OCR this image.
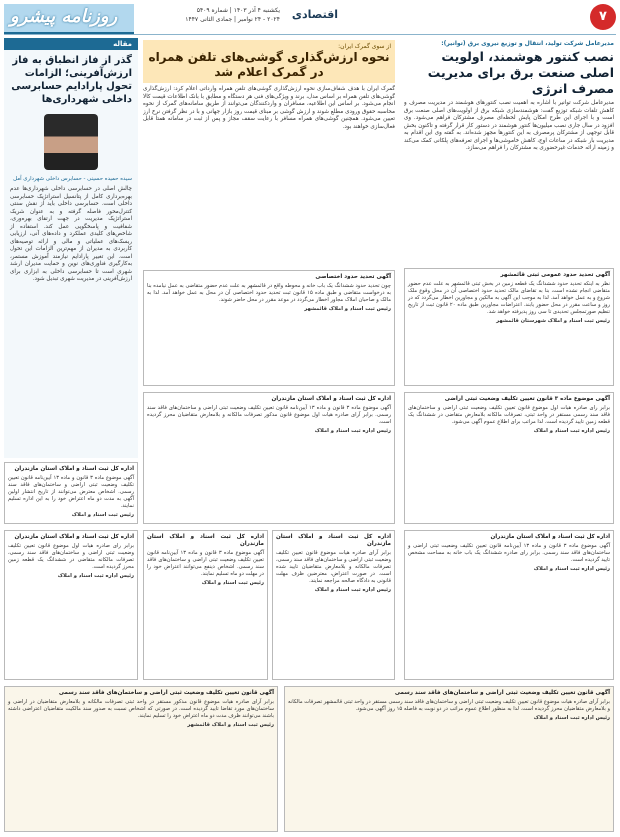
روزنامه پیشرو	یکشنبه ۴ آذر ۱۴۰۳ | شماره ۵۴۰۹
۲۰۲۴ - ۲۴ نوامبر | جمادی الثانی ۱۴۴۷	اقتصادی	۷
مدیرعامل شرکت تولید، انتقال و توزیع نیروی برق (توانیر):
نصب کنتور هوشمند، اولویت اصلی صنعت برق برای مدیریت مصرف انرژی
مدیرعامل شرکت توانیر با اشاره به اهمیت نصب کنتورهای هوشمند در مدیریت مصرف و کاهش تلفات شبکه توزیع گفت: هوشمندسازی شبکه برق از اولویت‌های اصلی صنعت برق است و با اجرای این طرح امکان پایش لحظه‌ای مصرف مشترکان فراهم می‌شود. وی افزود در سال جاری نصب میلیون‌ها کنتور هوشمند در دستور کار قرار گرفته و تاکنون بخش قابل توجهی از مشترکان پرمصرف به این کنتورها مجهز شده‌اند. به گفته وی این اقدام به مدیریت بار شبکه در ساعات اوج، کاهش خاموشی‌ها و اجرای تعرفه‌های پلکانی کمک می‌کند و زمینه ارائه خدمات غیرحضوری به مشترکان را فراهم می‌سازد.
از سوی گمرک ایران:
نحوه ارزش‌گذاری گوشی‌های تلفن همراه در گمرک اعلام شد
گمرک ایران با هدف شفاف‌سازی نحوه ارزش‌گذاری گوشی‌های تلفن همراه وارداتی اعلام کرد: ارزش‌گذاری گوشی‌های تلفن همراه بر اساس مدل، برند و ویژگی‌های فنی هر دستگاه و مطابق با بانک اطلاعات قیمت کالا انجام می‌شود. بر اساس این اطلاعیه، مسافران و واردکنندگان می‌توانند از طریق سامانه‌های گمرک از نحوه محاسبه حقوق ورودی مطلع شوند و ارزش گوشی بر مبنای قیمت روز بازار جهانی و با در نظر گرفتن نرخ ارز تعیین می‌شود. همچنین گوشی‌های همراه مسافر با رعایت سقف مجاز و پس از ثبت در سامانه همتا قابل فعال‌سازی خواهند بود.
مقاله
گذر از فاز انطباق به فاز ارزش‌آفرینی؛ الزامات تحول پارادایم حسابرسی داخلی شهرداری‌ها
سیده حمیده حسینی - حسابرس داخلی شهرداری آمل
چالش اصلی در حسابرسی داخلی شهرداری‌ها عدم بهره‌برداری کامل از پتانسیل استراتژیک حسابرسی داخلی است. حسابرسی داخلی باید از نقش سنتی کنترل‌محور فاصله گرفته و به عنوان شریک استراتژیک مدیریت در جهت ارتقای بهره‌وری، شفافیت و پاسخگویی عمل کند. استفاده از شاخص‌های کلیدی عملکرد و داده‌های آنی، ارزیابی ریسک‌های عملیاتی و مالی و ارائه توصیه‌های کاربردی به مدیران از مهم‌ترین الزامات این تحول است. این تغییر پارادایم نیازمند آموزش مستمر، به‌کارگیری فناوری‌های نوین و حمایت مدیران ارشد شهری است تا حسابرسی داخلی به ابزاری برای ارزش‌آفرینی در مدیریت شهری تبدیل شود.
آگهی تحدید حدود عمومی ثبتی قائمشهر
نظر به اینکه تحدید حدود ششدانگ یک قطعه زمین در بخش ثبتی قائمشهر به علت عدم حضور متقاضی انجام نشده است، بنا به تقاضای مالک تحدید حدود اختصاصی آن در محل وقوع ملک شروع و به عمل خواهد آمد. لذا به موجب این آگهی به مالکین و مجاورین اخطار می‌گردد که در روز و ساعت مقرر در محل حضور یابند. اعتراضات مجاورین طبق ماده ۲۰ قانون ثبت از تاریخ تنظیم صورتمجلس تحدیدی تا سی روز پذیرفته خواهد شد.
رئیس ثبت اسناد و املاک شهرستان قائمشهر
آگهی تحدید حدود اختصاصی
چون تحدید حدود ششدانگ یک باب خانه و محوطه واقع در قائمشهر به علت عدم حضور متقاضی به عمل نیامده بنا به درخواست متقاضی و طبق ماده ۱۵ قانون ثبت تحدید حدود اختصاصی آن در محل به عمل خواهد آمد. لذا به مالک و صاحبان املاک مجاور اخطار می‌گردد در موعد مقرر در محل حاضر شوند.
رئیس ثبت اسناد و املاک قائمشهر
آگهی موضوع ماده ۳ قانون تعیین تکلیف وضعیت ثبتی اراضی
برابر رای صادره هیات اول موضوع قانون تعیین تکلیف وضعیت ثبتی اراضی و ساختمان‌های فاقد سند رسمی مستقر در واحد ثبتی، تصرفات مالکانه بلامعارض متقاضی در ششدانگ یک قطعه زمین تایید گردیده است. لذا مراتب برای اطلاع عموم آگهی می‌شود.
رئیس اداره ثبت اسناد و املاک
اداره کل ثبت اسناد و املاک استان مازندران
آگهی موضوع ماده ۳ قانون و ماده ۱۳ آیین‌نامه قانون تعیین تکلیف وضعیت ثبتی اراضی و ساختمان‌های فاقد سند رسمی. برابر آرای صادره هیات اول موضوع قانون مذکور تصرفات مالکانه و بلامعارض متقاضیان محرز گردیده است.
رئیس اداره ثبت اسناد و املاک
اداره کل ثبت اسناد و املاک استان مازندران
آگهی موضوع ماده ۳ قانون و ماده ۱۳ آیین‌نامه قانون تعیین تکلیف وضعیت ثبتی اراضی و ساختمان‌های فاقد سند رسمی. اشخاص معترض می‌توانند از تاریخ انتشار اولین آگهی به مدت دو ماه اعتراض خود را به این اداره تسلیم نمایند.
رئیس ثبت اسناد و املاک
اداره کل ثبت اسناد و املاک استان مازندران
آگهی موضوع ماده ۳ قانون و ماده ۱۳ آیین‌نامه قانون تعیین تکلیف وضعیت ثبتی اراضی و ساختمان‌های فاقد سند رسمی. برابر رای صادره ششدانگ یک باب خانه به مساحت مشخص تایید گردیده است.
رئیس اداره ثبت اسناد و املاک
اداره کل ثبت اسناد و املاک استان مازندران
برابر آرای صادره هیات موضوع قانون تعیین تکلیف وضعیت ثبتی اراضی و ساختمان‌های فاقد سند رسمی، تصرفات مالکانه و بلامعارض متقاضیان تایید شده است. در صورت اعتراض، معترضین ظرف مهلت قانونی به دادگاه صالحه مراجعه نمایند.
رئیس اداره ثبت اسناد و املاک
اداره کل ثبت اسناد و املاک استان مازندران
آگهی موضوع ماده ۳ قانون و ماده ۱۳ آیین‌نامه قانون تعیین تکلیف وضعیت ثبتی اراضی و ساختمان‌های فاقد سند رسمی. اشخاص ذینفع می‌توانند اعتراض خود را در مهلت دو ماه تسلیم نمایند.
رئیس ثبت اسناد و املاک
اداره کل ثبت اسناد و املاک استان مازندران
برابر رای صادره هیات اول موضوع قانون تعیین تکلیف وضعیت ثبتی اراضی و ساختمان‌های فاقد سند رسمی، تصرفات مالکانه متقاضی در ششدانگ یک قطعه زمین محرز گردیده است.
رئیس اداره ثبت اسناد و املاک
آگهی قانون تعیین تکلیف وضعیت ثبتی اراضی و ساختمان‌های فاقد سند رسمی
برابر آرای صادره هیات موضوع قانون تعیین تکلیف وضعیت ثبتی اراضی و ساختمان‌های فاقد سند رسمی مستقر در واحد ثبتی قائمشهر تصرفات مالکانه و بلامعارض متقاضیان محرز گردیده است. لذا به منظور اطلاع عموم مراتب در دو نوبت به فاصله ۱۵ روز آگهی می‌شود.
رئیس اداره ثبت اسناد و املاک
آگهی قانون تعیین تکلیف وضعیت ثبتی اراضی و ساختمان‌های فاقد سند رسمی
برابر آرای صادره هیات موضوع قانون مذکور مستقر در واحد ثبتی تصرفات مالکانه و بلامعارض متقاضیان در اراضی و ساختمان‌های مورد تقاضا تایید گردیده است. در صورتی که اشخاص نسبت به صدور سند مالکیت متقاضیان اعتراضی داشته باشند می‌توانند ظرف مدت دو ماه اعتراض خود را تسلیم نمایند.
رئیس ثبت اسناد و املاک قائمشهر
